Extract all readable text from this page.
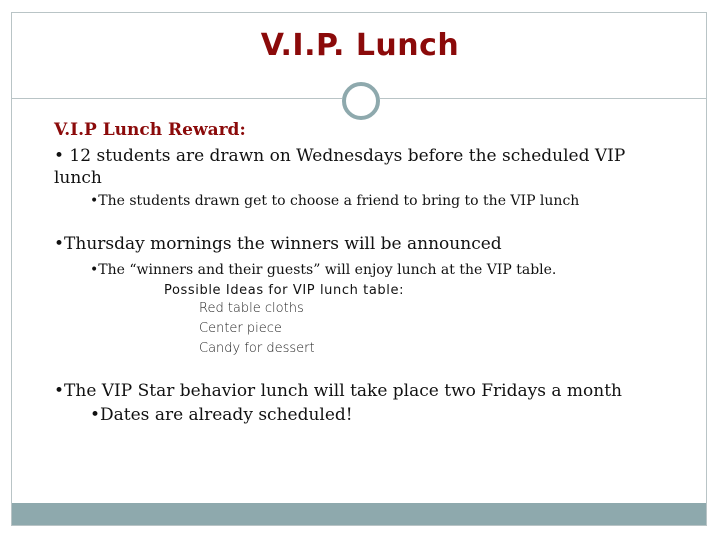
V.I.P. Lunch
V.I.P Lunch Reward:
• 12 students are drawn on Wednesdays before the scheduled VIP lunch
•The students drawn get to choose a friend to bring to the VIP lunch
•Thursday mornings the winners will be announced
•The “winners and their guests” will enjoy lunch at the VIP table.
Possible Ideas for VIP lunch table:
Red table cloths
Center piece
Candy for dessert
•The VIP Star behavior lunch will take place two Fridays a month
•Dates are already scheduled!
